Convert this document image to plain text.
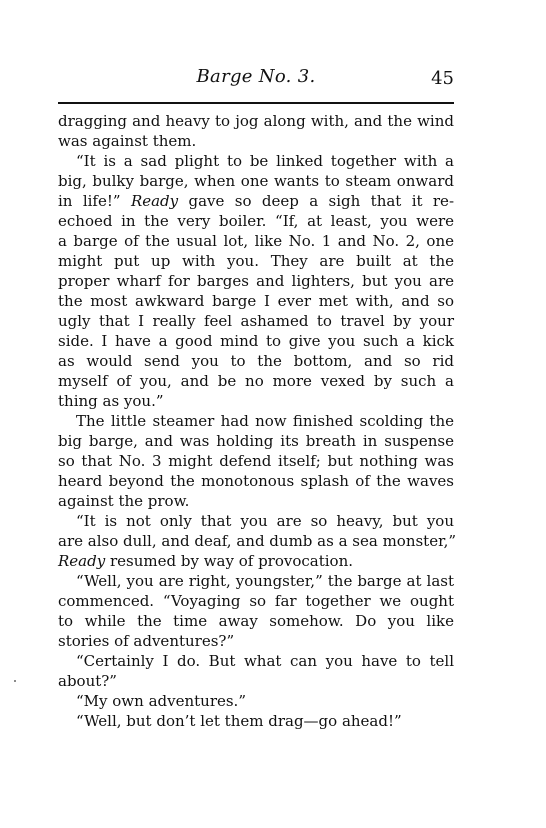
Barge No. 3.	45
dragging and heavy to jog along with, and the wind
was against them.
“It is a sad plight to be linked together with a
big, bulky barge, when one wants to steam onward
in life!” Ready gave so deep a sigh that it re-
echoed in the very boiler. “If, at least, you were
a barge of the usual lot, like No. 1 and No. 2, one
might put up with you. They are built at the
proper wharf for barges and lighters, but you are
the most awkward barge I ever met with, and so
ugly that I really feel ashamed to travel by your
side. I have a good mind to give you such a kick
as would send you to the bottom, and so rid
myself of you, and be no more vexed by such a
thing as you.”
The little steamer had now finished scolding the
big barge, and was holding its breath in suspense
so that No. 3 might defend itself; but nothing was
heard beyond the monotonous splash of the waves
against the prow.
“It is not only that you are so heavy, but you
are also dull, and deaf, and dumb as a sea monster,”
Ready resumed by way of provocation.
“Well, you are right, youngster,” the barge at last
commenced. “Voyaging so far together we ought
to while the time away somehow. Do you like
stories of adventures?”
“Certainly I do. But what can you have to tell
about?”
“My own adventures.”
“Well, but don’t let them drag—go ahead!”
